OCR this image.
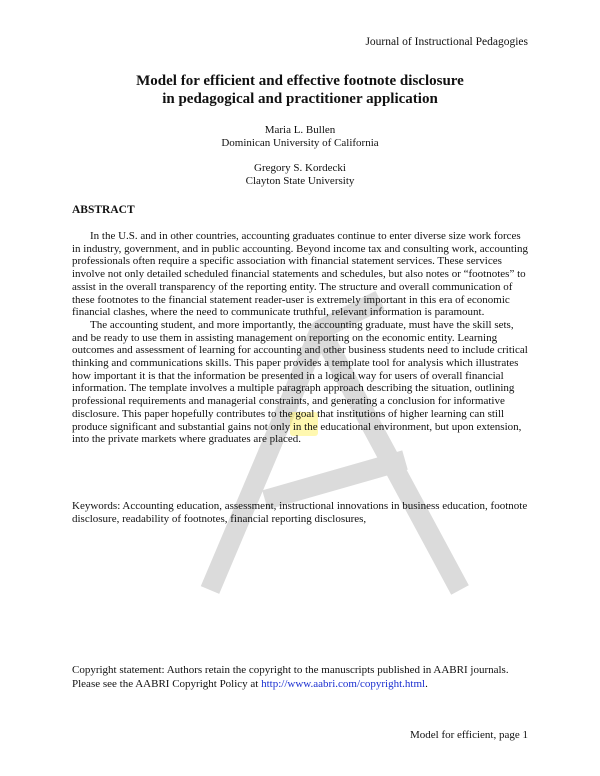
Journal of Instructional Pedagogies
Model for efficient and effective footnote disclosure
in pedagogical and practitioner application
Maria L. Bullen
Dominican University of California
Gregory S. Kordecki
Clayton State University
ABSTRACT

In the U.S. and in other countries, accounting graduates continue to enter diverse size work forces in industry, government, and in public accounting. Beyond income tax and consulting work, accounting professionals often require a specific association with financial statement services. These services involve not only detailed scheduled financial statements and schedules, but also notes or “footnotes” to assist in the overall transparency of the reporting entity. The structure and overall communication of these footnotes to the financial statement reader-user is extremely important in this era of economic financial clashes, where the need to communicate truthful, relevant information is paramount.

The accounting student, and more importantly, the accounting graduate, must have the skill sets, and be ready to use them in assisting management on reporting on the economic entity. Learning outcomes and assessment of learning for accounting and other business students need to include critical thinking and communications skills. This paper provides a template tool for analysis which illustrates how important it is that the information be presented in a logical way for users of overall financial information. The template involves a multiple paragraph approach describing the situation, outlining professional requirements and managerial constraints, and generating a conclusion for informative disclosure. This paper hopefully contributes to the goal that institutions of higher learning can still produce significant and substantial gains not only in the educational environment, but upon extension, into the private markets where graduates are placed.

Keywords: Accounting education, assessment, instructional innovations in business education, footnote disclosure, readability of footnotes, financial reporting disclosures,
Copyright statement: Authors retain the copyright to the manuscripts published in AABRI journals. Please see the AABRI Copyright Policy at http://www.aabri.com/copyright.html.
Model for efficient, page 1
